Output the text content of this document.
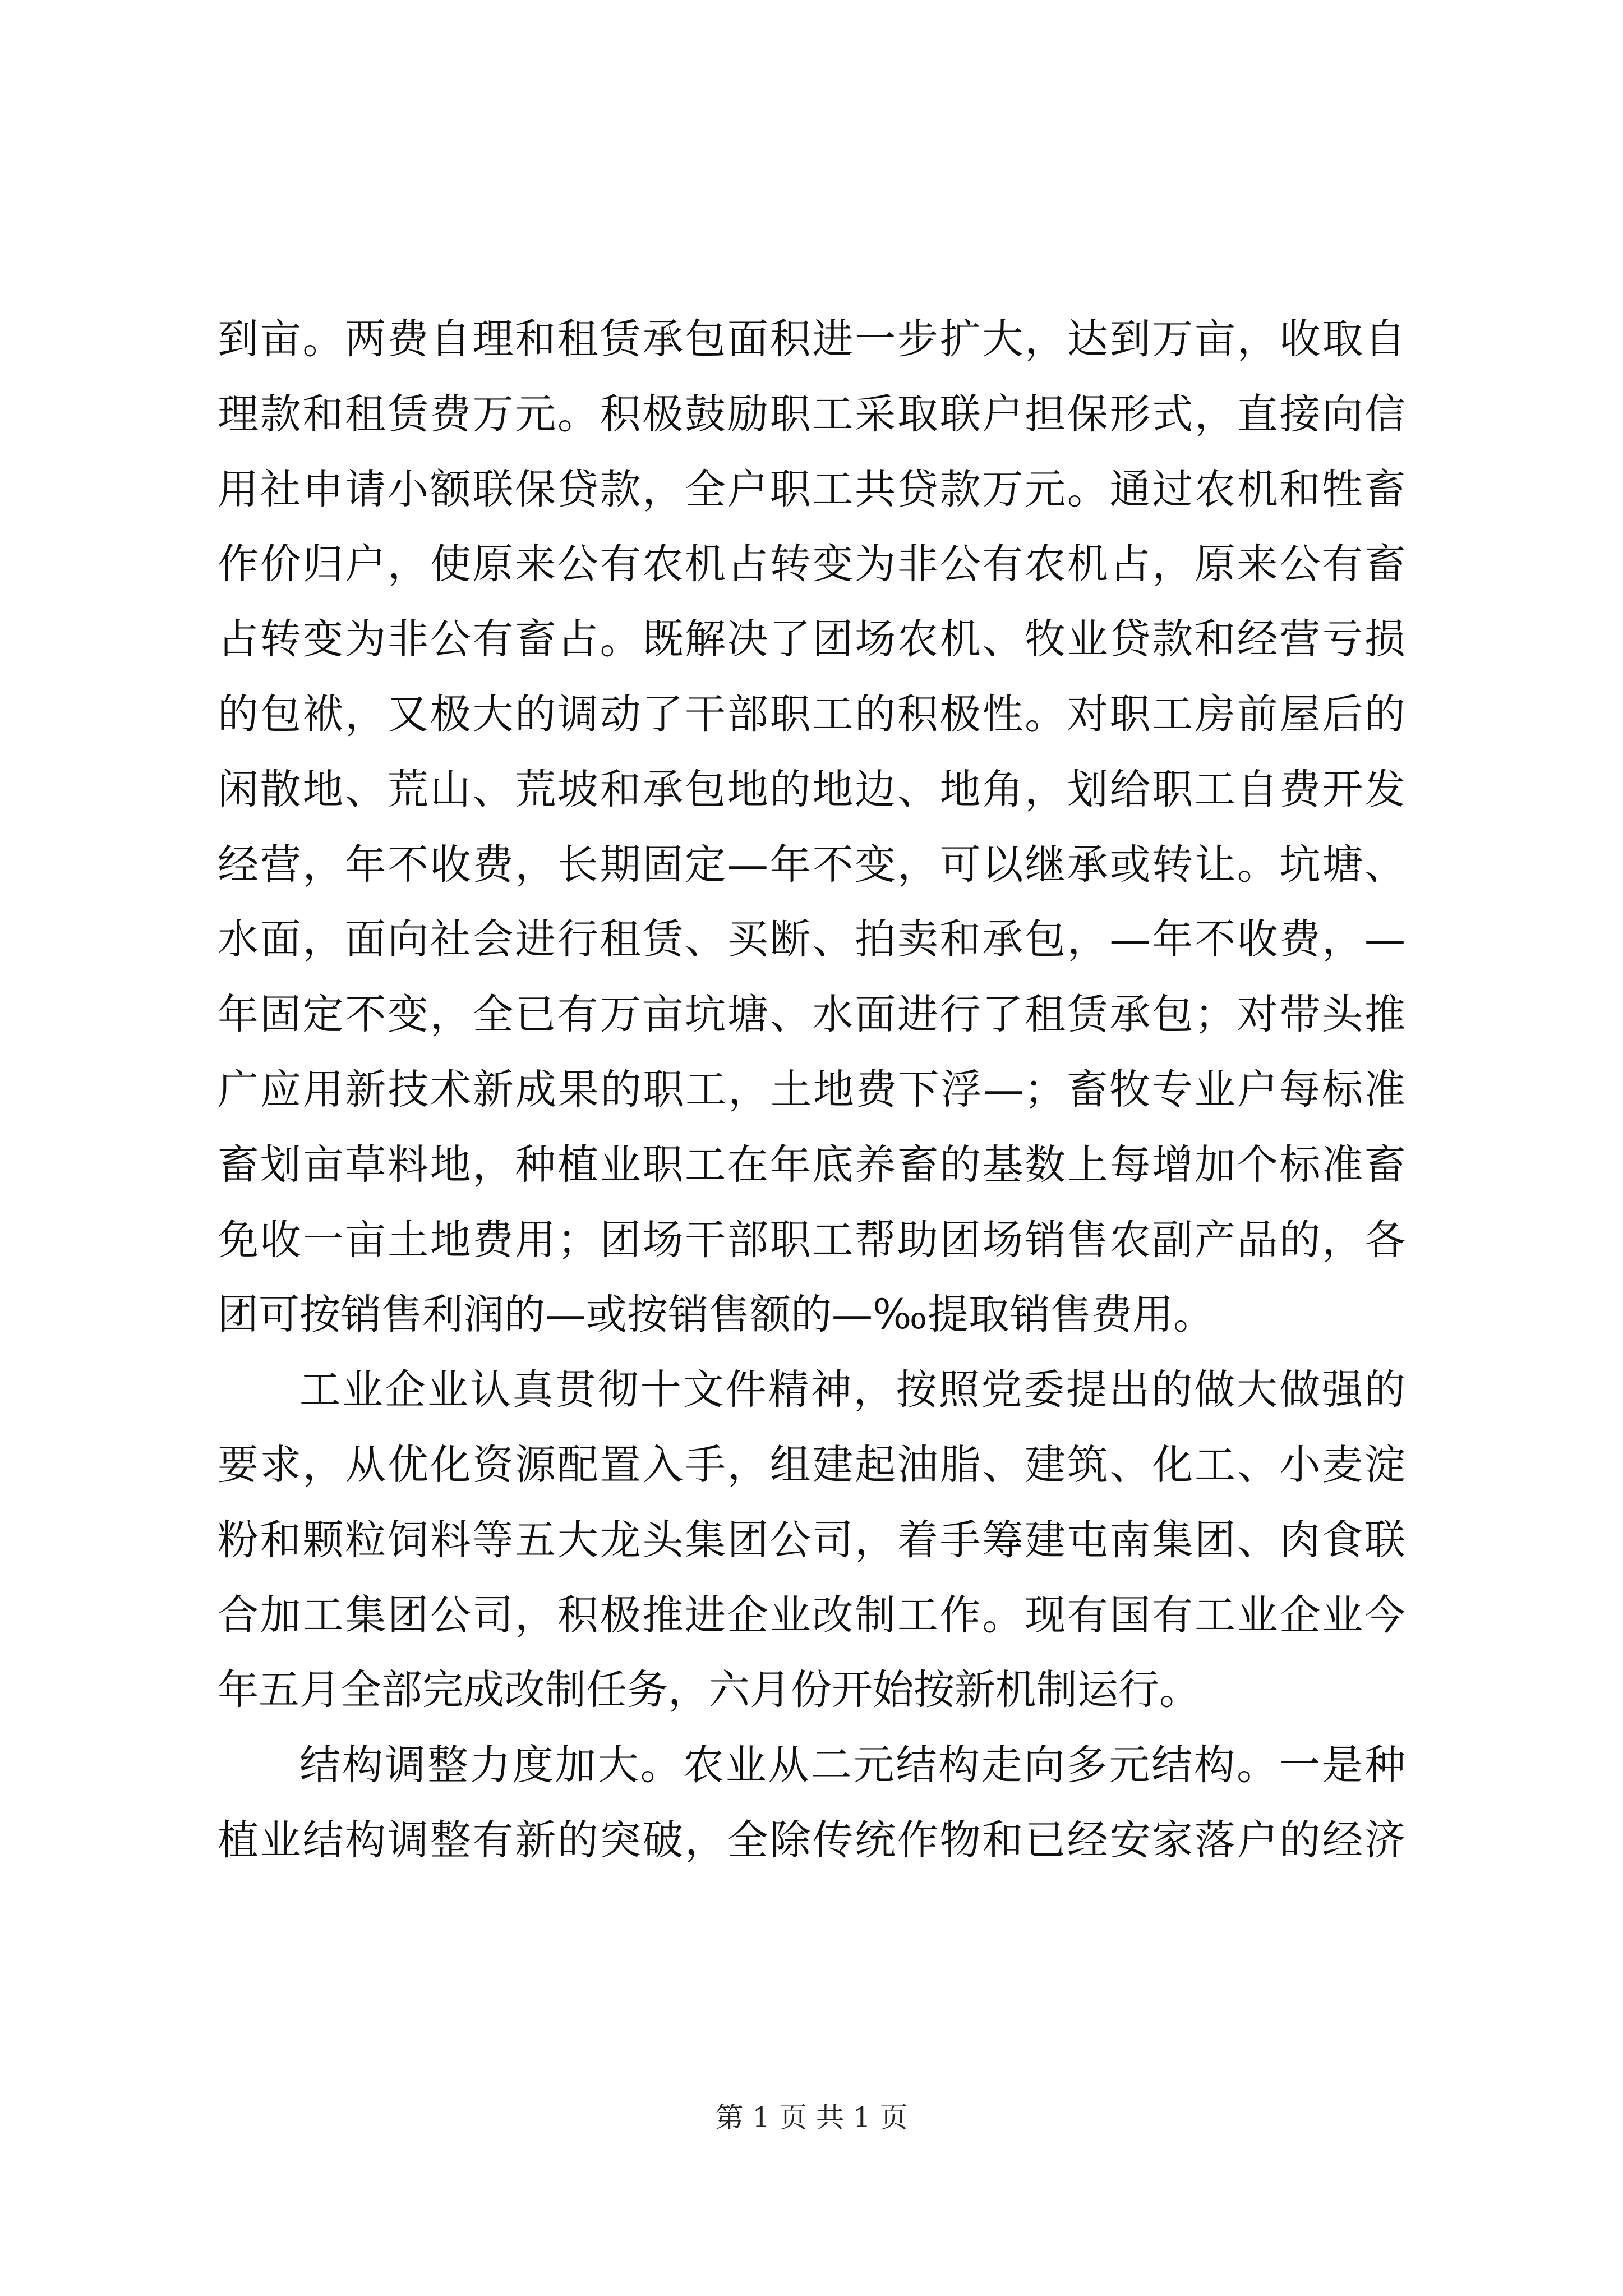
到亩。两费自理和租赁承包面积进一步扩大，达到万亩，收取自
理款和租赁费万元。积极鼓励职工采取联户担保形式，直接向信
用社申请小额联保贷款，全户职工共贷款万元。通过农机和牲畜
作价归户，使原来公有农机占转变为非公有农机占，原来公有畜
占转变为非公有畜占。既解决了团场农机、牧业贷款和经营亏损
的包袱，又极大的调动了干部职工的积极性。对职工房前屋后的
闲散地、荒山、荒坡和承包地的地边、地角，划给职工自费开发
经营，年不收费，长期固定—年不变，可以继承或转让。坑塘、
水面，面向社会进行租赁、买断、拍卖和承包，—年不收费，—
年固定不变，全已有万亩坑塘、水面进行了租赁承包；对带头推
广应用新技术新成果的职工，土地费下浮—；畜牧专业户每标准
畜划亩草料地，种植业职工在年底养畜的基数上每增加个标准畜
免收一亩土地费用；团场干部职工帮助团场销售农副产品的，各
团可按销售利润的—或按销售额的—‰提取销售费用。
工业企业认真贯彻十文件精神，按照党委提出的做大做强的
要求，从优化资源配置入手，组建起油脂、建筑、化工、小麦淀
粉和颗粒饲料等五大龙头集团公司，着手筹建屯南集团、肉食联
合加工集团公司，积极推进企业改制工作。现有国有工业企业今
年五月全部完成改制任务，六月份开始按新机制运行。
结构调整力度加大。农业从二元结构走向多元结构。一是种
植业结构调整有新的突破，全除传统作物和已经安家落户的经济
第 1 页 共 1 页
